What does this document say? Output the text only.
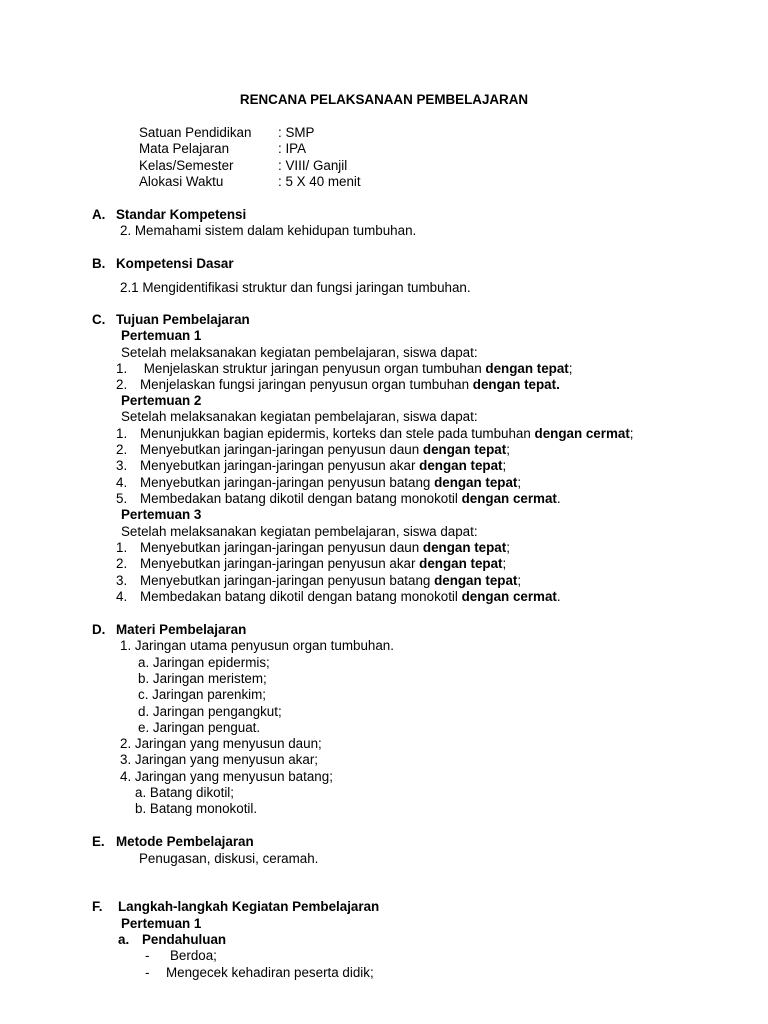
RENCANA PELAKSANAAN PEMBELAJARAN
Satuan Pendidikan : SMP
Mata Pelajaran	: IPA
Kelas/Semester	: VIII/ Ganjil
Alokasi Waktu	: 5 X 40 menit
A. Standar Kompetensi
2. Memahami sistem dalam kehidupan tumbuhan.
B. Kompetensi Dasar
2.1 Mengidentifikasi struktur dan fungsi jaringan tumbuhan.
C. Tujuan Pembelajaran
Pertemuan 1
Setelah melaksanakan kegiatan pembelajaran, siswa dapat:
1. Menjelaskan struktur jaringan penyusun organ tumbuhan dengan tepat;
2. Menjelaskan fungsi jaringan penyusun organ tumbuhan dengan tepat.
Pertemuan 2
Setelah melaksanakan kegiatan pembelajaran, siswa dapat:
1. Menunjukkan bagian epidermis, korteks dan stele pada tumbuhan dengan cermat;
2. Menyebutkan jaringan-jaringan penyusun daun dengan tepat;
3. Menyebutkan jaringan-jaringan penyusun akar dengan tepat;
4. Menyebutkan jaringan-jaringan penyusun batang dengan tepat;
5. Membedakan batang dikotil dengan batang monokotil dengan cermat.
Pertemuan 3
Setelah melaksanakan kegiatan pembelajaran, siswa dapat:
1. Menyebutkan jaringan-jaringan penyusun daun dengan tepat;
2. Menyebutkan jaringan-jaringan penyusun akar dengan tepat;
3. Menyebutkan jaringan-jaringan penyusun batang dengan tepat;
4. Membedakan batang dikotil dengan batang monokotil dengan cermat.
D. Materi Pembelajaran
1. Jaringan utama penyusun organ tumbuhan.
a. Jaringan epidermis;
b. Jaringan meristem;
c. Jaringan parenkim;
d. Jaringan pengangkut;
e. Jaringan penguat.
2. Jaringan yang menyusun daun;
3. Jaringan yang menyusun akar;
4. Jaringan yang menyusun batang;
a. Batang dikotil;
b. Batang monokotil.
E. Metode Pembelajaran
Penugasan, diskusi, ceramah.
F. Langkah-langkah Kegiatan Pembelajaran
Pertemuan 1
a. Pendahuluan
- Berdoa;
- Mengecek kehadiran peserta didik;
